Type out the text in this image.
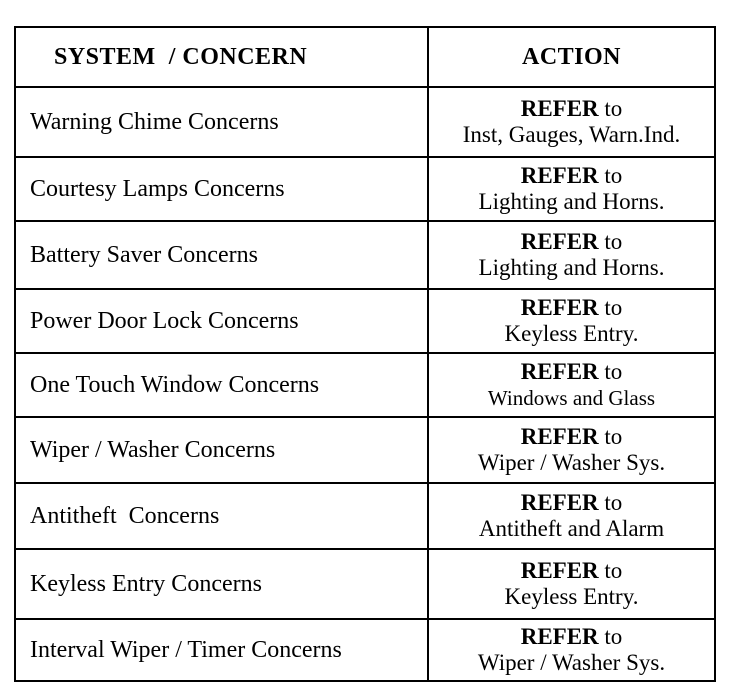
SYSTEM  / CONCERN	ACTION
Warning Chime Concerns	REFER to
Inst, Gauges, Warn.Ind.
Courtesy Lamps Concerns	REFER to
Lighting and Horns.
Battery Saver Concerns	REFER to
Lighting and Horns.
Power Door Lock Concerns	REFER to
Keyless Entry.
One Touch Window Concerns	REFER to
Windows and Glass
Wiper / Washer Concerns	REFER to
Wiper / Washer Sys.
Antitheft  Concerns	REFER to
Antitheft and Alarm
Keyless Entry Concerns	REFER to
Keyless Entry.
Interval Wiper / Timer Concerns	REFER to
Wiper / Washer Sys.
